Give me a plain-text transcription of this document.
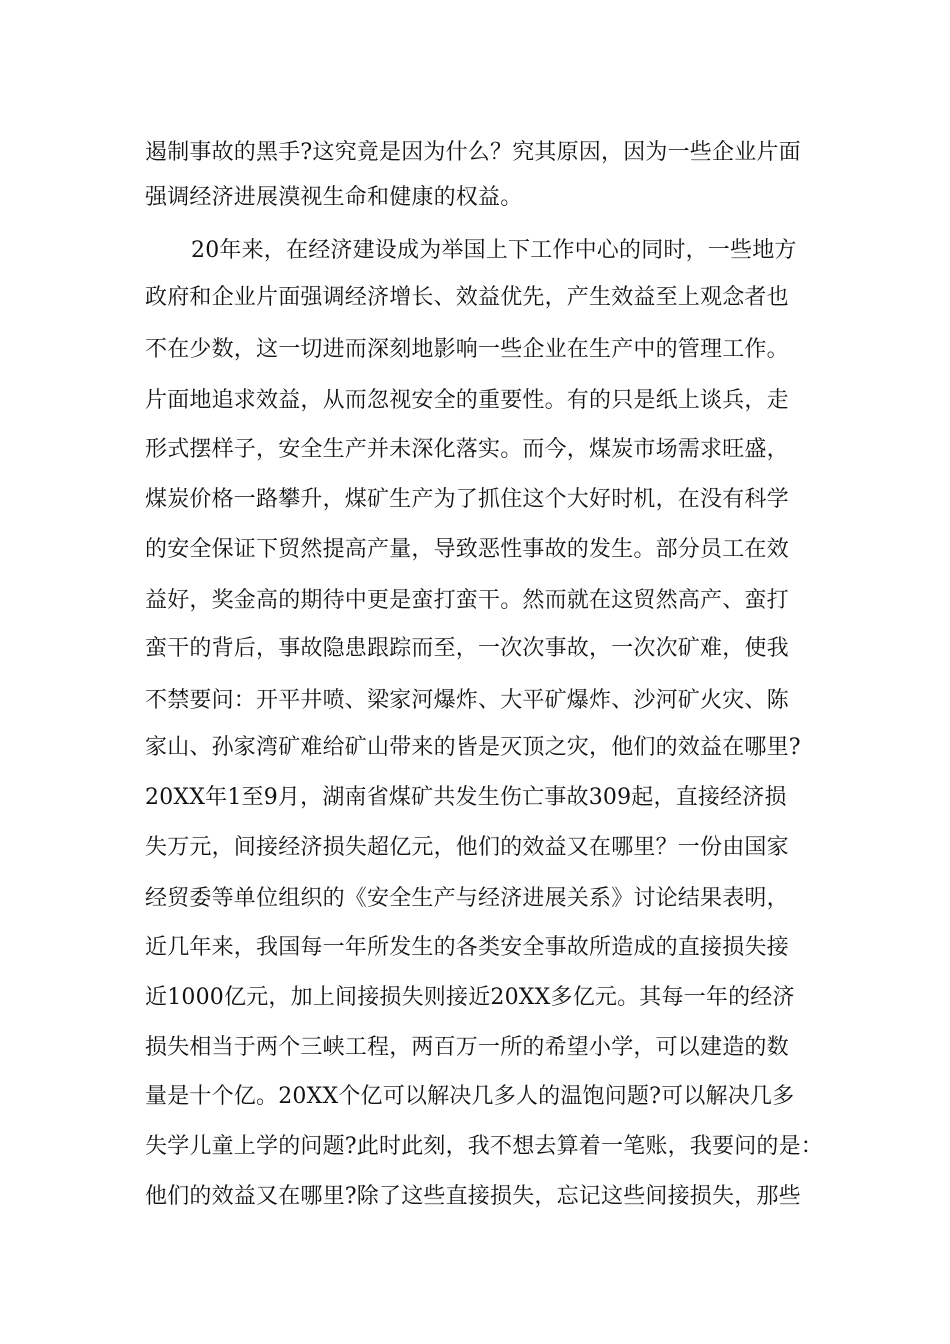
遏制事故的黑手?这究竟是因为什么？究其原因，因为一些企业片面
强调经济进展漠视生命和健康的权益。
20年来，在经济建设成为举国上下工作中心的同时，一些地方
政府和企业片面强调经济增长、效益优先，产生效益至上观念者也
不在少数，这一切进而深刻地影响一些企业在生产中的管理工作。
片面地追求效益，从而忽视安全的重要性。有的只是纸上谈兵，走
形式摆样子，安全生产并未深化落实。而今，煤炭市场需求旺盛，
煤炭价格一路攀升，煤矿生产为了抓住这个大好时机，在没有科学
的安全保证下贸然提高产量，导致恶性事故的发生。部分员工在效
益好，奖金高的期待中更是蛮打蛮干。然而就在这贸然高产、蛮打
蛮干的背后，事故隐患跟踪而至，一次次事故，一次次矿难，使我
不禁要问：开平井喷、梁家河爆炸、大平矿爆炸、沙河矿火灾、陈
家山、孙家湾矿难给矿山带来的皆是灭顶之灾，他们的效益在哪里?
20XX年1至9月，湖南省煤矿共发生伤亡事故309起，直接经济损
失万元，间接经济损失超亿元，他们的效益又在哪里？一份由国家
经贸委等单位组织的《安全生产与经济进展关系》讨论结果表明，
近几年来，我国每一年所发生的各类安全事故所造成的直接损失接
近1000亿元，加上间接损失则接近20XX多亿元。其每一年的经济
损失相当于两个三峡工程，两百万一所的希望小学，可以建造的数
量是十个亿。20XX个亿可以解决几多人的温饱问题?可以解决几多
失学儿童上学的问题?此时此刻，我不想去算着一笔账，我要问的是：
他们的效益又在哪里?除了这些直接损失，忘记这些间接损失，那些
